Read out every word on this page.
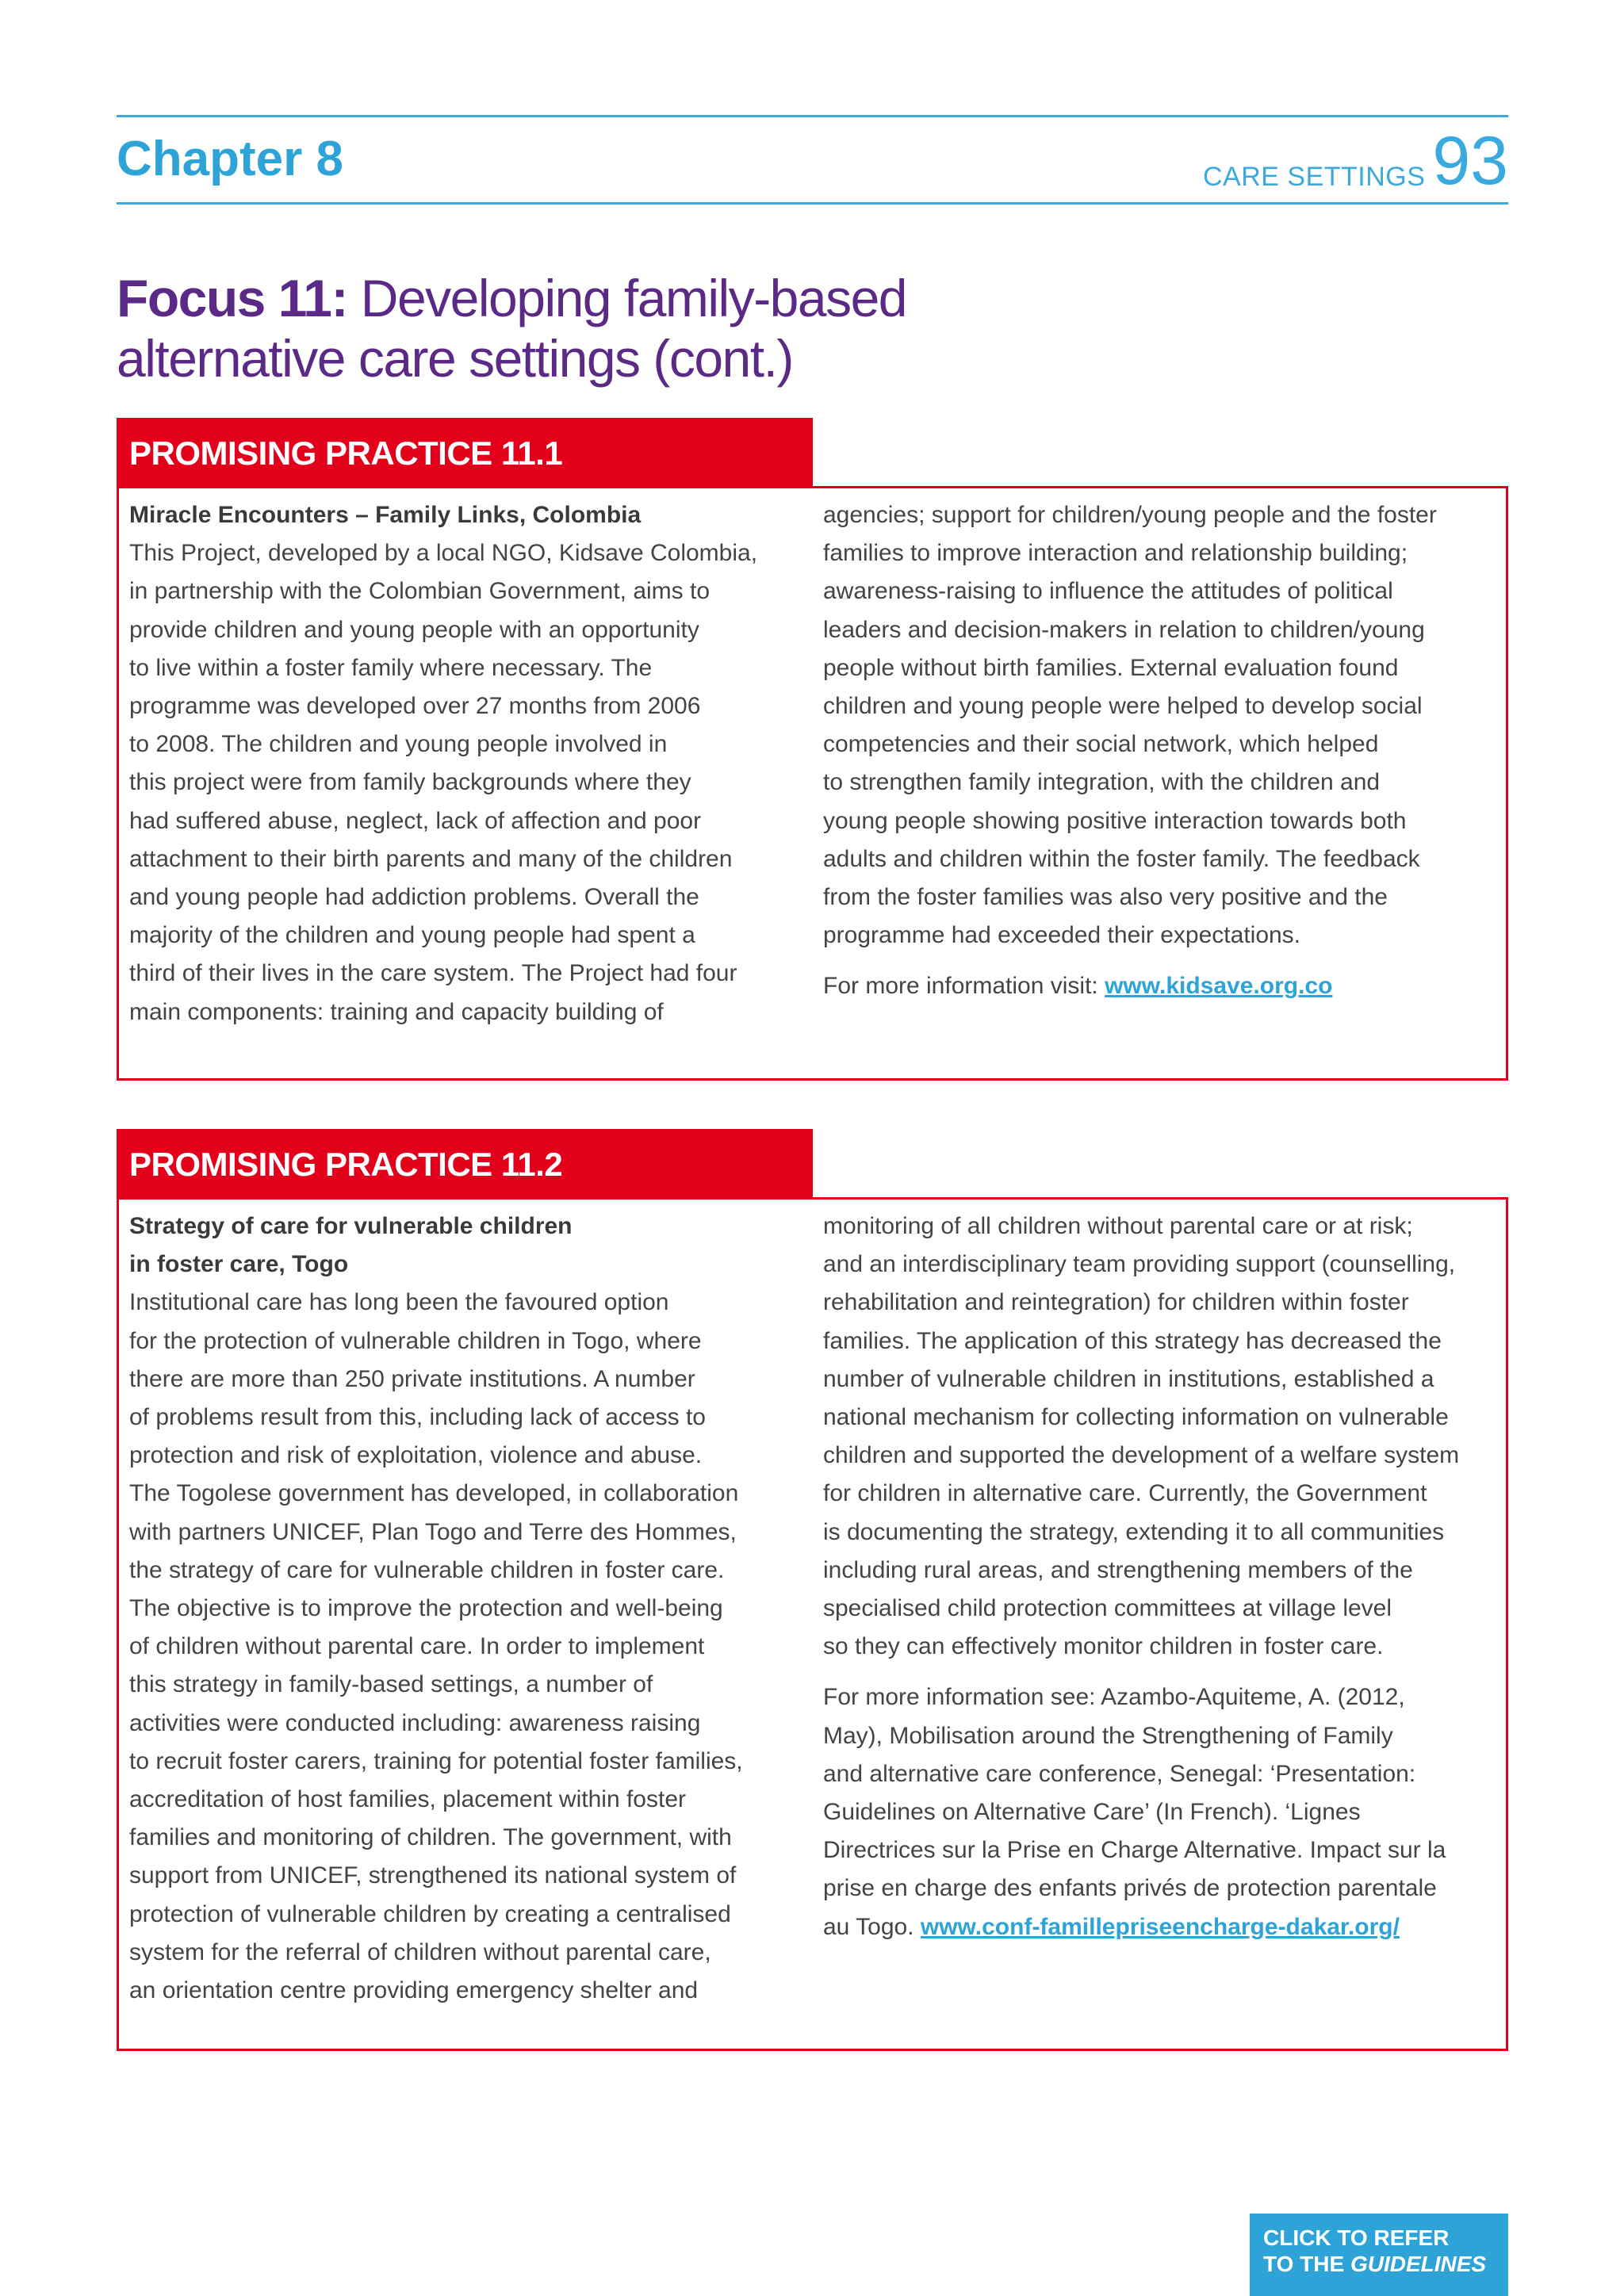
Chapter 8	CARE SETTINGS 93
Focus 11: Developing family-based
alternative care settings (cont.)
PROMISING PRACTICE 11.1

Miracle Encounters – Family Links, Colombia

This Project, developed by a local NGO, Kidsave Colombia,

in partnership with the Colombian Government, aims to

provide children and young people with an opportunity

to live within a foster family where necessary. The

programme was developed over 27 months from 2006

to 2008. The children and young people involved in

this project were from family backgrounds where they

had suffered abuse, neglect, lack of affection and poor

attachment to their birth parents and many of the children

and young people had addiction problems. Overall the

majority of the children and young people had spent a

third of their lives in the care system. The Project had four

main components: training and capacity building of

agencies; support for children/young people and the foster

families to improve interaction and relationship building;

awareness-raising to influence the attitudes of political

leaders and decision-makers in relation to children/young

people without birth families. External evaluation found

children and young people were helped to develop social

competencies and their social network, which helped

to strengthen family integration, with the children and

young people showing positive interaction towards both

adults and children within the foster family. The feedback

from the foster families was also very positive and the

programme had exceeded their expectations.

For more information visit: www.kidsave.org.co

PROMISING PRACTICE 11.2

Strategy of care for vulnerable children

in foster care, Togo

Institutional care has long been the favoured option

for the protection of vulnerable children in Togo, where

there are more than 250 private institutions. A number

of problems result from this, including lack of access to

protection and risk of exploitation, violence and abuse.

The Togolese government has developed, in collaboration

with partners UNICEF, Plan Togo and Terre des Hommes,

the strategy of care for vulnerable children in foster care.

The objective is to improve the protection and well-being

of children without parental care. In order to implement

this strategy in family-based settings, a number of

activities were conducted including: awareness raising

to recruit foster carers, training for potential foster families,

accreditation of host families, placement within foster

families and monitoring of children. The government, with

support from UNICEF, strengthened its national system of

protection of vulnerable children by creating a centralised

system for the referral of children without parental care,

an orientation centre providing emergency shelter and

monitoring of all children without parental care or at risk;

and an interdisciplinary team providing support (counselling,

rehabilitation and reintegration) for children within foster

families. The application of this strategy has decreased the

number of vulnerable children in institutions, established a

national mechanism for collecting information on vulnerable

children and supported the development of a welfare system

for children in alternative care. Currently, the Government

is documenting the strategy, extending it to all communities

including rural areas, and strengthening members of the

specialised child protection committees at village level

so they can effectively monitor children in foster care.

For more information see: Azambo-Aquiteme, A. (2012,

May), Mobilisation around the Strengthening of Family

and alternative care conference, Senegal: ‘Presentation:

Guidelines on Alternative Care’ (In French). ‘Lignes

Directrices sur la Prise en Charge Alternative. Impact sur la

prise en charge des enfants privés de protection parentale

au Togo. www.conf-famillepriseencharge-dakar.org/

CLICK TO REFER
TO THE GUIDELINES
